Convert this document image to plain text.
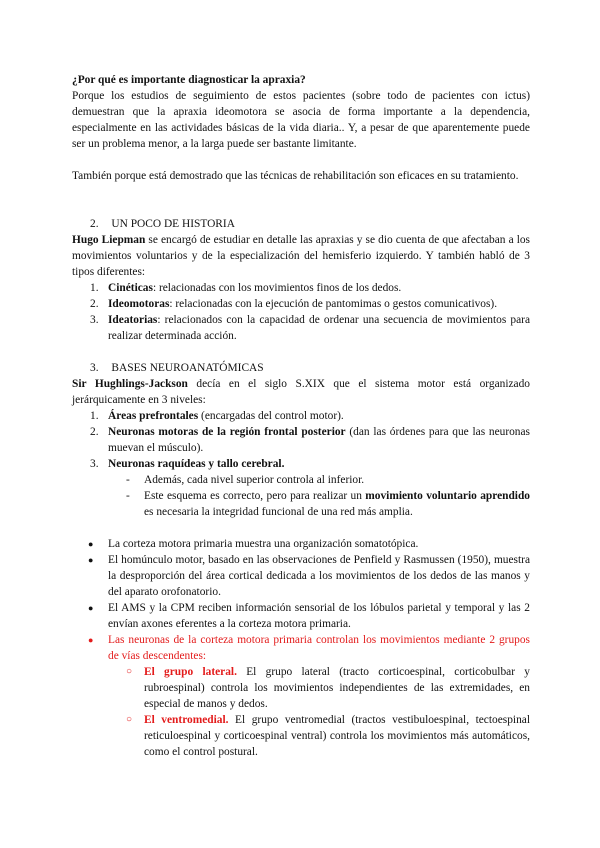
¿Por qué es importante diagnosticar la apraxia?
Porque los estudios de seguimiento de estos pacientes (sobre todo de pacientes con ictus) demuestran que la apraxia ideomotora se asocia de forma importante a la dependencia, especialmente en las actividades básicas de la vida diaria.. Y, a pesar de que aparentemente puede ser un problema menor, a la larga puede ser bastante limitante.
También porque está demostrado que las técnicas de rehabilitación son eficaces en su tratamiento.
2. UN POCO DE HISTORIA
Hugo Liepman se encargó de estudiar en detalle las apraxias y se dio cuenta de que afectaban a los movimientos voluntarios y de la especialización del hemisferio izquierdo. Y también habló de 3 tipos diferentes:
1. Cinéticas: relacionadas con los movimientos finos de los dedos.
2. Ideomotoras: relacionadas con la ejecución de pantomimas o gestos comunicativos).
3. Ideatorias: relacionados con la capacidad de ordenar una secuencia de movimientos para realizar determinada acción.
3. BASES NEUROANATÓMICAS
Sir Hughlings-Jackson decía en el siglo S.XIX que el sistema motor está organizado jerárquicamente en 3 niveles:
1. Áreas prefrontales (encargadas del control motor).
2. Neuronas motoras de la región frontal posterior (dan las órdenes para que las neuronas muevan el músculo).
3. Neuronas raquídeas y tallo cerebral.
- Además, cada nivel superior controla al inferior.
- Este esquema es correcto, pero para realizar un movimiento voluntario aprendido es necesaria la integridad funcional de una red más amplia.
● La corteza motora primaria muestra una organización somatotópica.
● El homúnculo motor, basado en las observaciones de Penfield y Rasmussen (1950), muestra la desproporción del área cortical dedicada a los movimientos de los dedos de las manos y del aparato orofonatorio.
● El AMS y la CPM reciben información sensorial de los lóbulos parietal y temporal y las 2 envían axones eferentes a la corteza motora primaria.
● Las neuronas de la corteza motora primaria controlan los movimientos mediante 2 grupos de vías descendentes:
○ El grupo lateral. El grupo lateral (tracto corticoespinal, corticobulbar y rubroespinal) controla los movimientos independientes de las extremidades, en especial de manos y dedos.
○ El ventromedial. El grupo ventromedial (tractos vestibuloespinal, tectoespinal reticuloespinal y corticoespinal ventral) controla los movimientos más automáticos, como el control postural.
